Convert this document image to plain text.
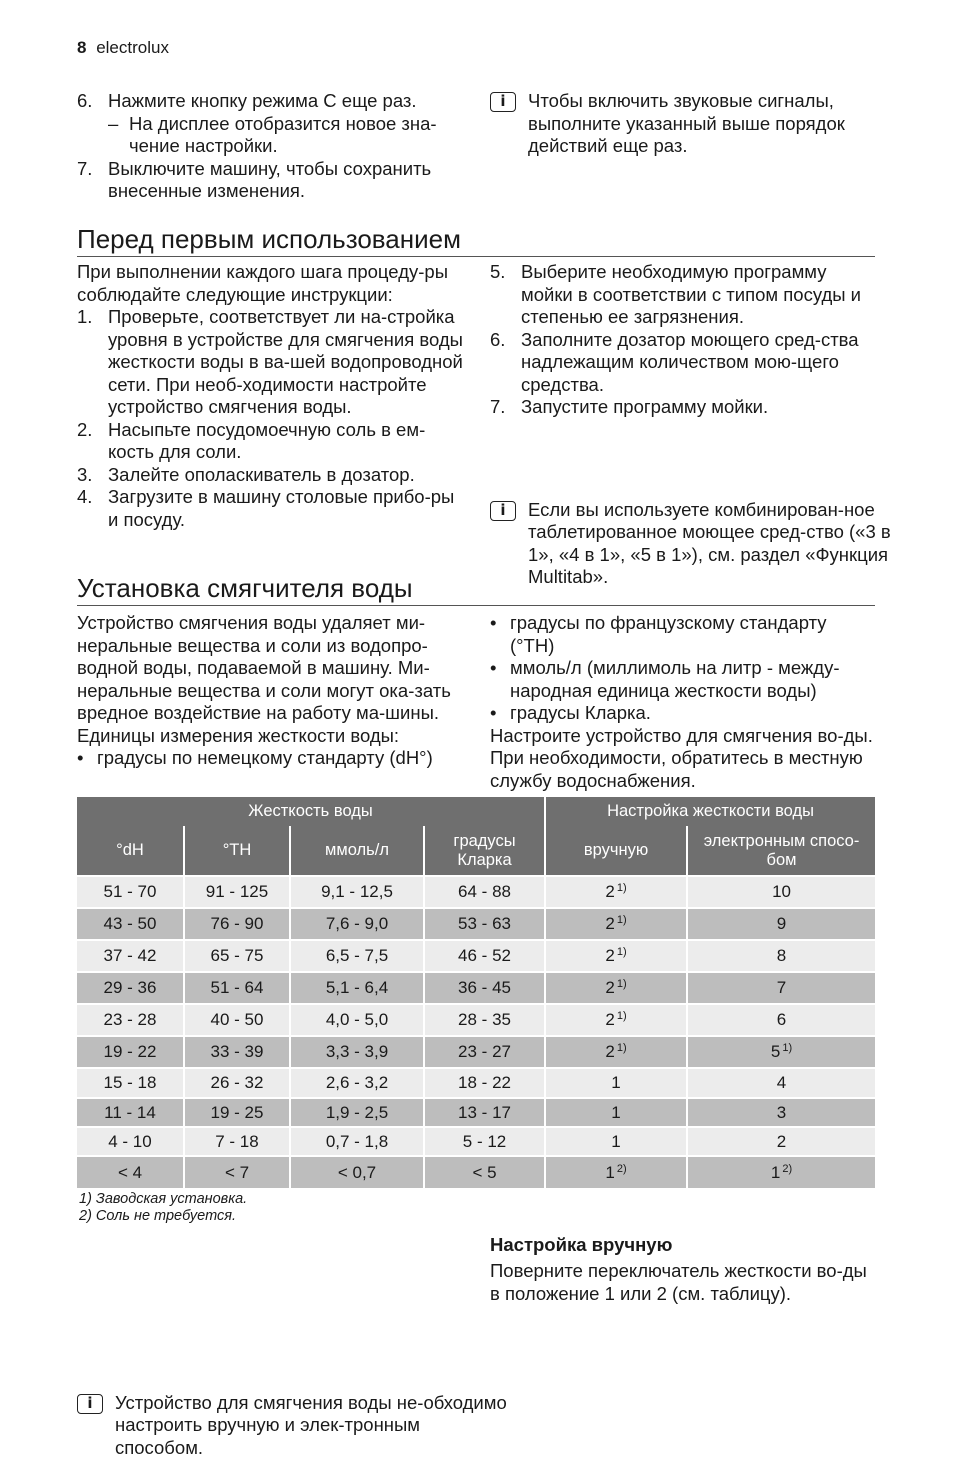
8 electrolux
6. Нажмите кнопку режима С еще раз.
– На дисплее отобразится новое зна-чение настройки.
7. Выключите машину, чтобы сохранить внесенные изменения.
i	Чтобы включить звуковые сигналы, выполните указанный выше порядок действий еще раз.
Перед первым использованием
При выполнении каждого шага процеду-ры соблюдайте следующие инструкции:
1. Проверьте, соответствует ли на-стройка уровня в устройстве для смягчения воды жесткости воды в ва-шей водопроводной сети. При необ-ходимости настройте устройство смягчения воды.
2. Насыпьте посудомоечную соль в ем-кость для соли.
3. Залейте ополаскиватель в дозатор.
4. Загрузите в машину столовые прибо-ры и посуду.
5. Выберите необходимую программу мойки в соответствии с типом посуды и степенью ее загрязнения.
6. Заполните дозатор моющего сред-ства надлежащим количеством мою-щего средства.
7. Запустите программу мойки.
i	Если вы используете комбинирован-ное таблетированное моющее сред-ство («3 в 1», «4 в 1», «5 в 1»), см. раздел «Функция Multitab».
Установка смягчителя воды
Устройство смягчения воды удаляет ми-неральные вещества и соли из водопро-водной воды, подаваемой в машину. Ми-неральные вещества и соли могут ока-зать вредное воздействие на работу ма-шины.
Единицы измерения жесткости воды:
• градусы по немецкому стандарту (dH°)
• градусы по французскому стандарту (°TH)
• ммоль/л (миллимоль на литр - между-народная единица жесткости воды)
• градусы Кларка.
Настроите устройство для смягчения во-ды. При необходимости, обратитесь в местную службу водоснабжения.
Жесткость воды				Настройка жесткости воды	
°dH	°TH	ммоль/л	градусы Кларка	вручную	электронным спосо-бом
51 - 70	91 - 125	9,1 - 12,5	64 - 88	2 $^{1)}$	10
43 - 50	76 - 90	7,6 - 9,0	53 - 63	2 $^{1)}$	9
37 - 42	65 - 75	6,5 - 7,5	46 - 52	2 $^{1)}$	8
29 - 36	51 - 64	5,1 - 6,4	36 - 45	2 $^{1)}$	7
23 - 28	40 - 50	4,0 - 5,0	28 - 35	2 $^{1)}$	6
19 - 22	33 - 39	3,3 - 3,9	23 - 27	2 $^{1)}$	5 $^{1)}$
15 - 18	26 - 32	2,6 - 3,2	18 - 22	1	4
11 - 14	19 - 25	1,9 - 2,5	13 - 17	1	3
4 - 10	7 - 18	0,7 - 1,8	5 - 12	1	2
< 4	< 7	< 0,7	< 5	1 $^{2)}$	1 $^{2)}$
1) Заводская установка.
2) Соль не требуется.
i	Устройство для смягчения воды не-обходимо настроить вручную и элек-тронным способом.
Настройка вручную
Поверните переключатель жесткости во-ды в положение 1 или 2 (см. таблицу).
